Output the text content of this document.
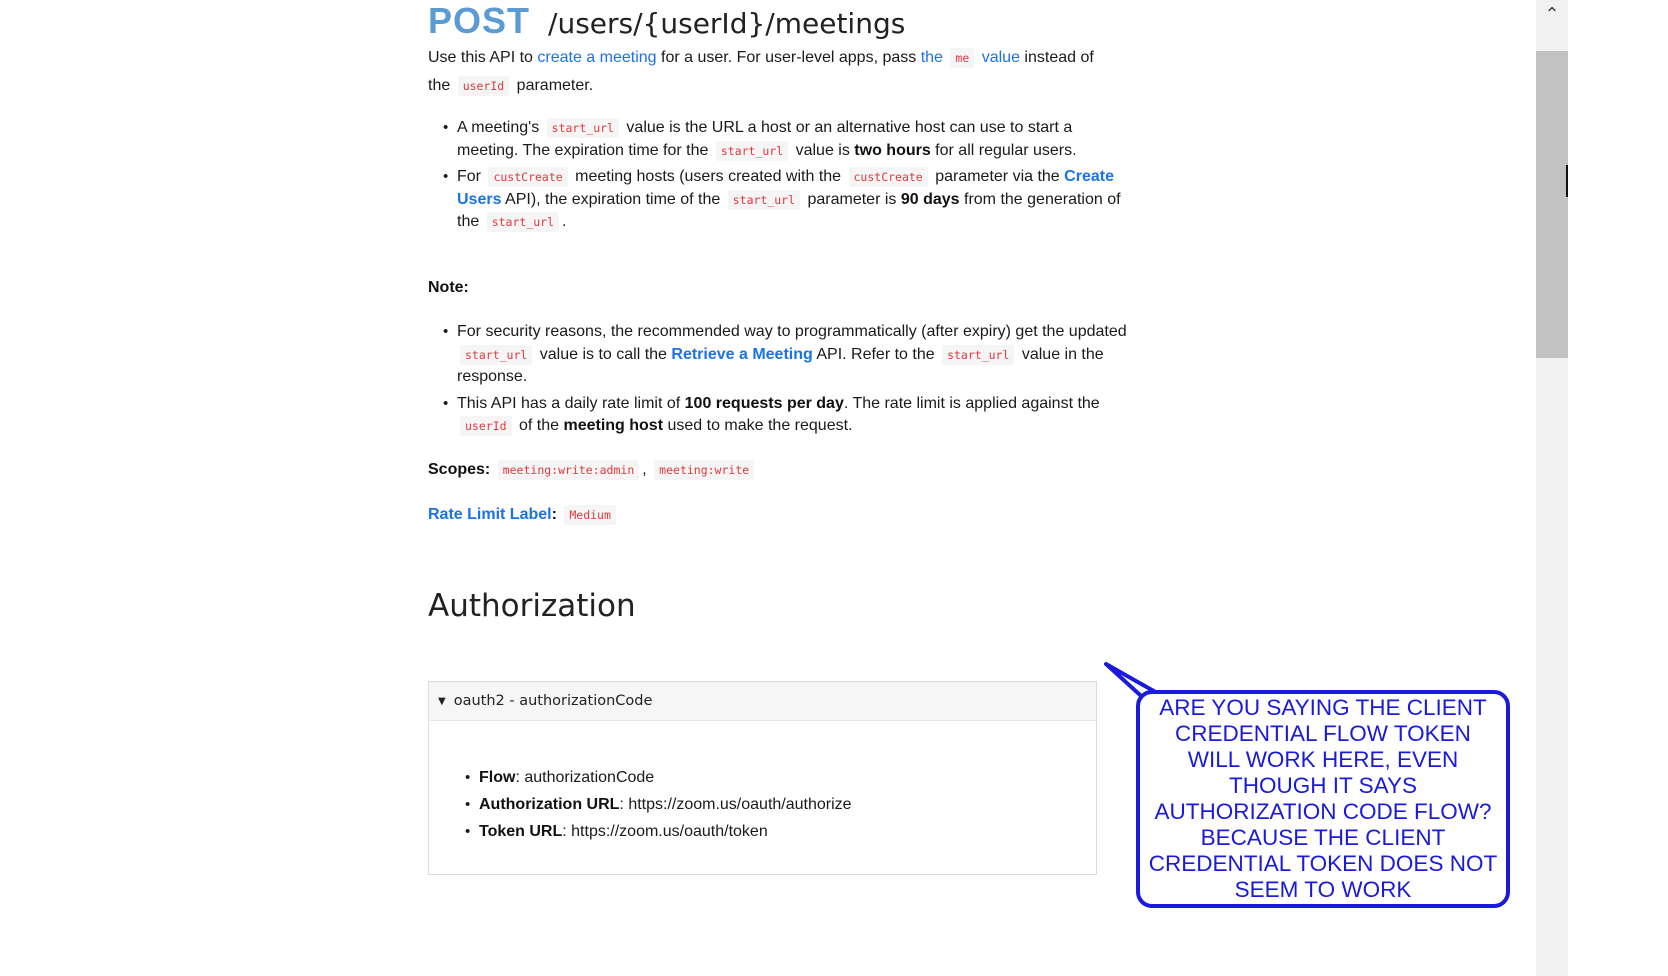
POST /users/{userId}/meetings
Use this API to create a meeting for a user. For user-level apps, pass the me value instead of the userId parameter.
• A meeting's start_url value is the URL a host or an alternative host can use to start a meeting. The expiration time for the start_url value is two hours for all regular users.
• For custCreate meeting hosts (users created with the custCreate parameter via the Create Users API), the expiration time of the start_url parameter is 90 days from the generation of the start_url .
Note:
• For security reasons, the recommended way to programmatically (after expiry) get the updated start_url value is to call the Retrieve a Meeting API. Refer to the start_url value in the response.
• This API has a daily rate limit of 100 requests per day. The rate limit is applied against the userId of the meeting host used to make the request.
Scopes: meeting:write:admin , meeting:write
Rate Limit Label: Medium
Authorization
▼ oauth2 - authorizationCode
• Flow: authorizationCode
• Authorization URL: https://zoom.us/oauth/authorize
• Token URL: https://zoom.us/oauth/token
ARE YOU SAYING THE CLIENT CREDENTIAL FLOW TOKEN WILL WORK HERE, EVEN THOUGH IT SAYS AUTHORIZATION CODE FLOW? BECAUSE THE CLIENT CREDENTIAL TOKEN DOES NOT SEEM TO WORK
⌃
